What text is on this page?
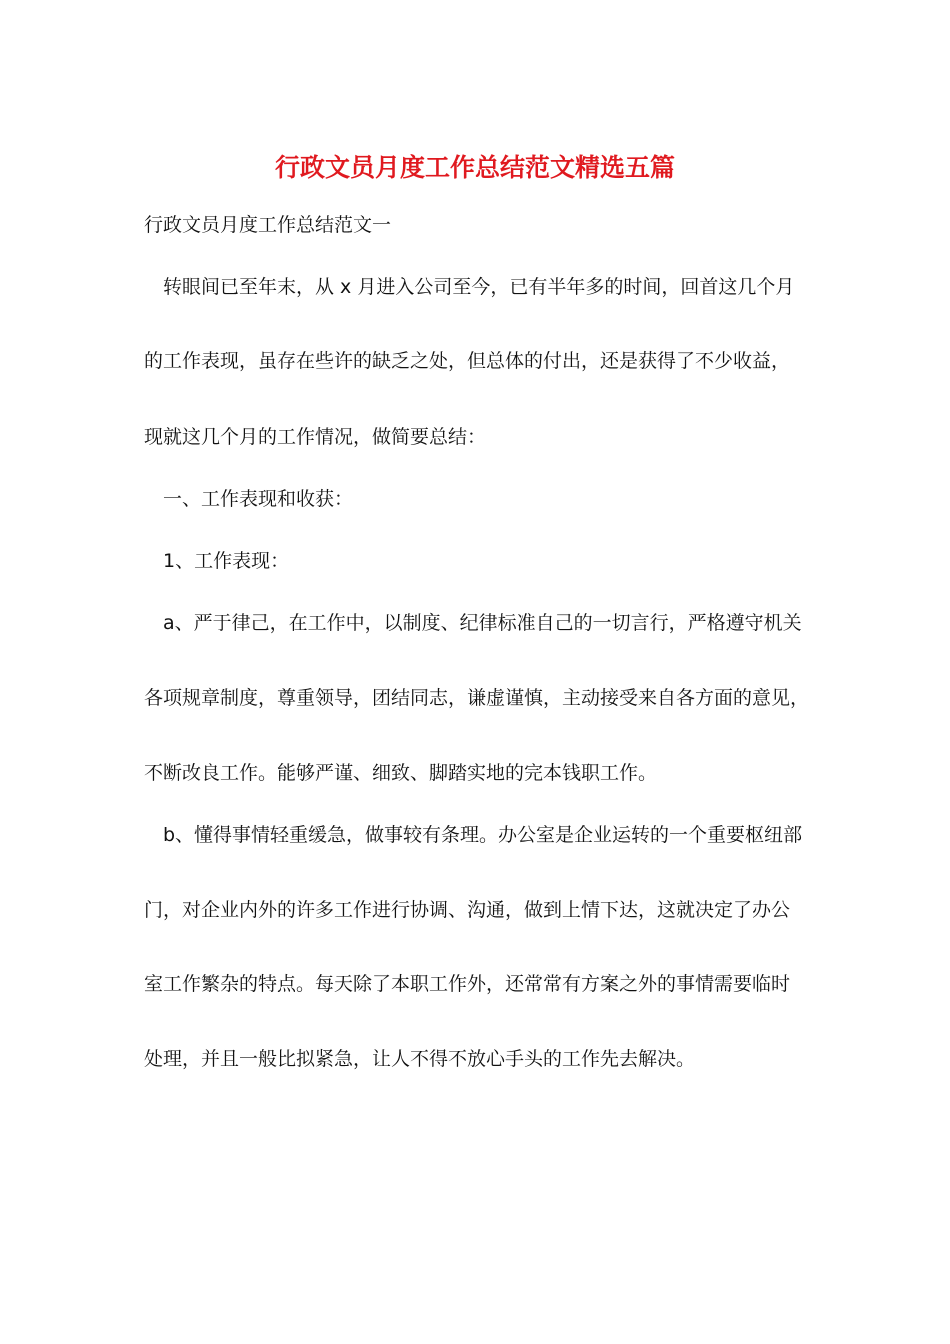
行政文员月度工作总结范文精选五篇
行政文员月度工作总结范文一
转眼间已至年末，从 x 月进入公司至今，已有半年多的时间，回首这几个月
的工作表现，虽存在些许的缺乏之处，但总体的付出，还是获得了不少收益，
现就这几个月的工作情况，做简要总结：
一、工作表现和收获：
1、工作表现：
a、严于律己，在工作中，以制度、纪律标准自己的一切言行，严格遵守机关
各项规章制度，尊重领导，团结同志，谦虚谨慎，主动接受来自各方面的意见，
不断改良工作。能够严谨、细致、脚踏实地的完本钱职工作。
b、懂得事情轻重缓急，做事较有条理。办公室是企业运转的一个重要枢纽部
门，对企业内外的许多工作进行协调、沟通，做到上情下达，这就决定了办公
室工作繁杂的特点。每天除了本职工作外，还常常有方案之外的事情需要临时
处理，并且一般比拟紧急，让人不得不放心手头的工作先去解决。
